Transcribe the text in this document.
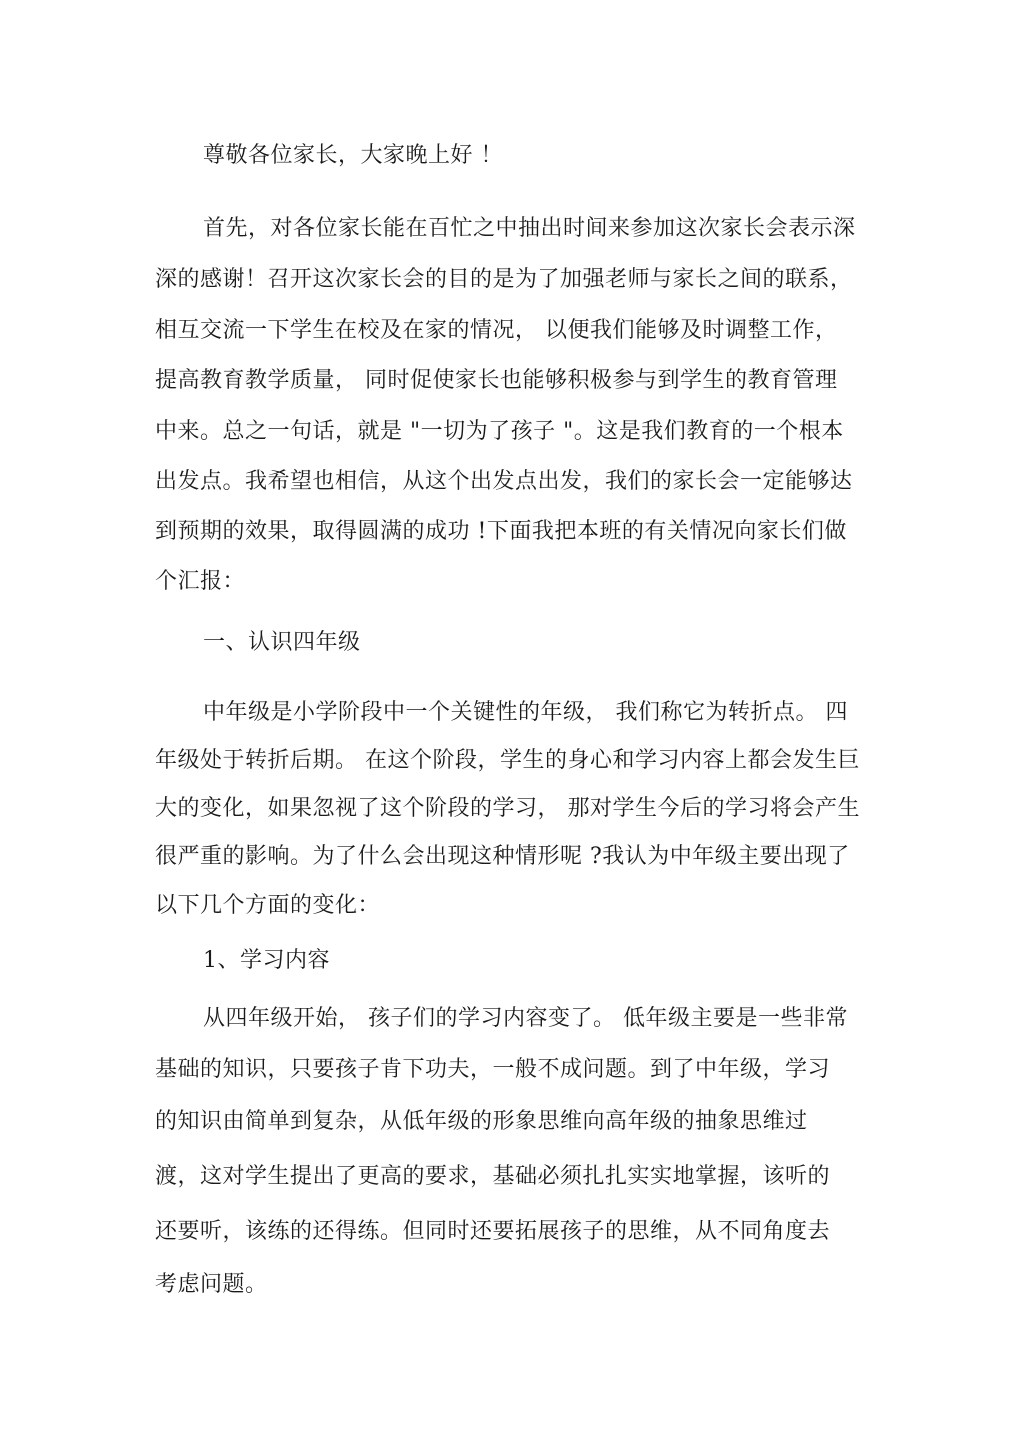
尊敬各位家长，大家晚上好 ！
首先，对各位家长能在百忙之中抽出时间来参加这次家长会表示深
深的感谢！召开这次家长会的目的是为了加强老师与家长之间的联系，
相互交流一下学生在校及在家的情况， 以便我们能够及时调整工作，
提高教育教学质量， 同时促使家长也能够积极参与到学生的教育管理
中来。总之一句话，就是 "一切为了孩子 "。这是我们教育的一个根本
出发点。我希望也相信，从这个出发点出发，我们的家长会一定能够达
到预期的效果，取得圆满的成功 !下面我把本班的有关情况向家长们做
个汇报：
一、认识四年级
中年级是小学阶段中一个关键性的年级， 我们称它为转折点。 四
年级处于转折后期。 在这个阶段，学生的身心和学习内容上都会发生巨
大的变化，如果忽视了这个阶段的学习， 那对学生今后的学习将会产生
很严重的影响。为了什么会出现这种情形呢 ?我认为中年级主要出现了
以下几个方面的变化：
1、学习内容
从四年级开始， 孩子们的学习内容变了。 低年级主要是一些非常
基础的知识，只要孩子肯下功夫，一般不成问题。到了中年级，学习
的知识由简单到复杂，从低年级的形象思维向高年级的抽象思维过
渡，这对学生提出了更高的要求，基础必须扎扎实实地掌握，该听的
还要听，该练的还得练。但同时还要拓展孩子的思维，从不同角度去
考虑问题。
